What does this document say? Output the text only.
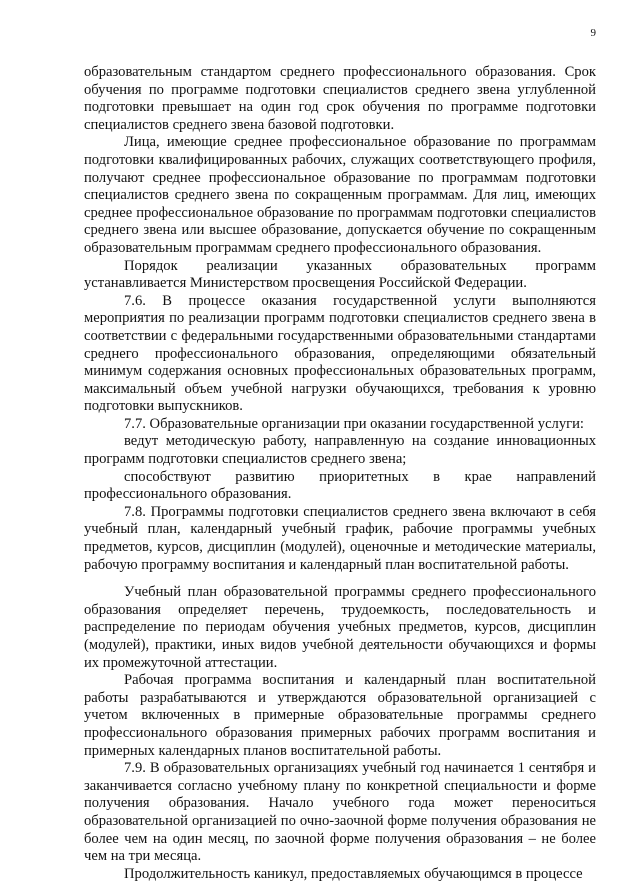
9

образовательным стандартом среднего профессионального образования. Срок обучения по программе подготовки специалистов среднего звена углубленной подготовки превышает на один год срок обучения по программе подготовки специалистов среднего звена базовой подготовки.

Лица, имеющие среднее профессиональное образование по программам подготовки квалифицированных рабочих, служащих соответствующего профиля, получают среднее профессиональное образование по программам подготовки специалистов среднего звена по сокращенным программам. Для лиц, имеющих среднее профессиональное образование по программам подготовки специалистов среднего звена или высшее образование, допускается обучение по сокращенным образовательным программам среднего профессионального образования.

Порядок реализации указанных образовательных программ устанавливается Министерством просвещения Российской Федерации.

7.6. В процессе оказания государственной услуги выполняются мероприятия по реализации программ подготовки специалистов среднего звена в соответствии с федеральными государственными образовательными стандартами среднего профессионального образования, определяющими обязательный минимум содержания основных профессиональных образовательных программ, максимальный объем учебной нагрузки обучающихся, требования к уровню подготовки выпускников.

7.7. Образовательные организации при оказании государственной услуги:

ведут методическую работу, направленную на создание инновационных программ подготовки специалистов среднего звена;

способствуют развитию приоритетных в крае направлений профессионального образования.

7.8. Программы подготовки специалистов среднего звена включают в себя учебный план, календарный учебный график, рабочие программы учебных предметов, курсов, дисциплин (модулей), оценочные и методические материалы, рабочую программу воспитания и календарный план воспитательной работы.

Учебный план образовательной программы среднего профессионального образования определяет перечень, трудоемкость, последовательность и распределение по периодам обучения учебных предметов, курсов, дисциплин (модулей), практики, иных видов учебной деятельности обучающихся и формы их промежуточной аттестации.

Рабочая программа воспитания и календарный план воспитательной работы разрабатываются и утверждаются образовательной организацией с учетом включенных в примерные образовательные программы среднего профессионального образования примерных рабочих программ воспитания и примерных календарных планов воспитательной работы.

7.9. В образовательных организациях учебный год начинается 1 сентября и заканчивается согласно учебному плану по конкретной специальности и форме получения образования. Начало учебного года может переноситься образовательной организацией по очно-заочной форме получения образования не более чем на один месяц, по заочной форме получения образования – не более чем на три месяца.

Продолжительность каникул, предоставляемых обучающимся в процессе
